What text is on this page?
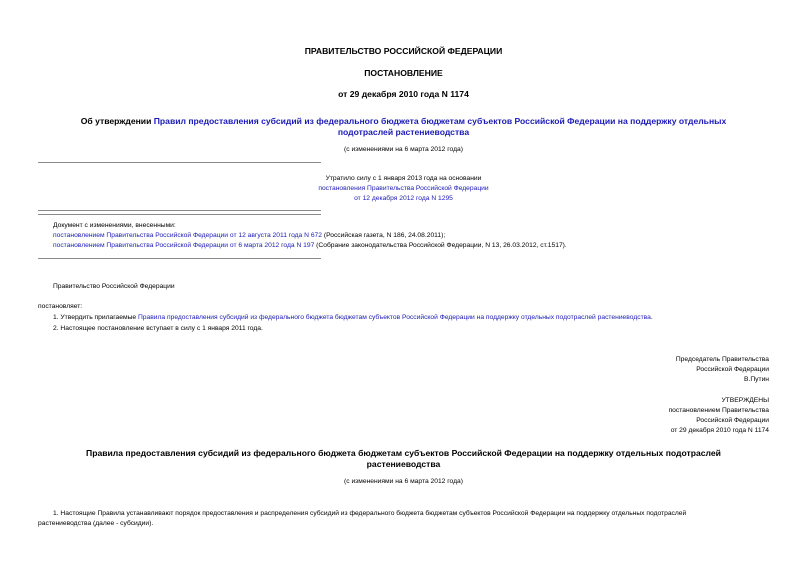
ПРАВИТЕЛЬСТВО РОССИЙСКОЙ ФЕДЕРАЦИИ
ПОСТАНОВЛЕНИЕ
от 29 декабря 2010 года N 1174
Об утверждении Правил предоставления субсидий из федерального бюджета бюджетам субъектов Российской Федерации на поддержку отдельных
подотраслей растениеводства
(с изменениями на 6 марта 2012 года)
Утратило силу с 1 января 2013 года на основании
постановления Правительства Российской Федерации
от 12 декабря 2012 года N 1295
Документ с изменениями, внесенными:
постановлением Правительства Российской Федерации от 12 августа 2011 года N 672 (Российская газета, N 186, 24.08.2011);
постановлением Правительства Российской Федерации от 6 марта 2012 года N 197 (Собрание законодательства Российской Федерации, N 13, 26.03.2012, ст.1517).
Правительство Российской Федерации
постановляет:
1. Утвердить прилагаемые Правила предоставления субсидий из федерального бюджета бюджетам субъектов Российской Федерации на поддержку отдельных подотраслей растениеводства.
2. Настоящее постановление вступает в силу с 1 января 2011 года.
Председатель Правительства
Российской Федерации
В.Путин
УТВЕРЖДЕНЫ
постановлением Правительства
Российской Федерации
от 29 декабря 2010 года N 1174
Правила предоставления субсидий из федерального бюджета бюджетам субъектов Российской Федерации на поддержку отдельных подотраслей
растениеводства
(с изменениями на 6 марта 2012 года)
1. Настоящие Правила устанавливают порядок предоставления и распределения субсидий из федерального бюджета бюджетам субъектов Российской Федерации на поддержку отдельных подотраслей
растениеводства (далее - субсидии).
